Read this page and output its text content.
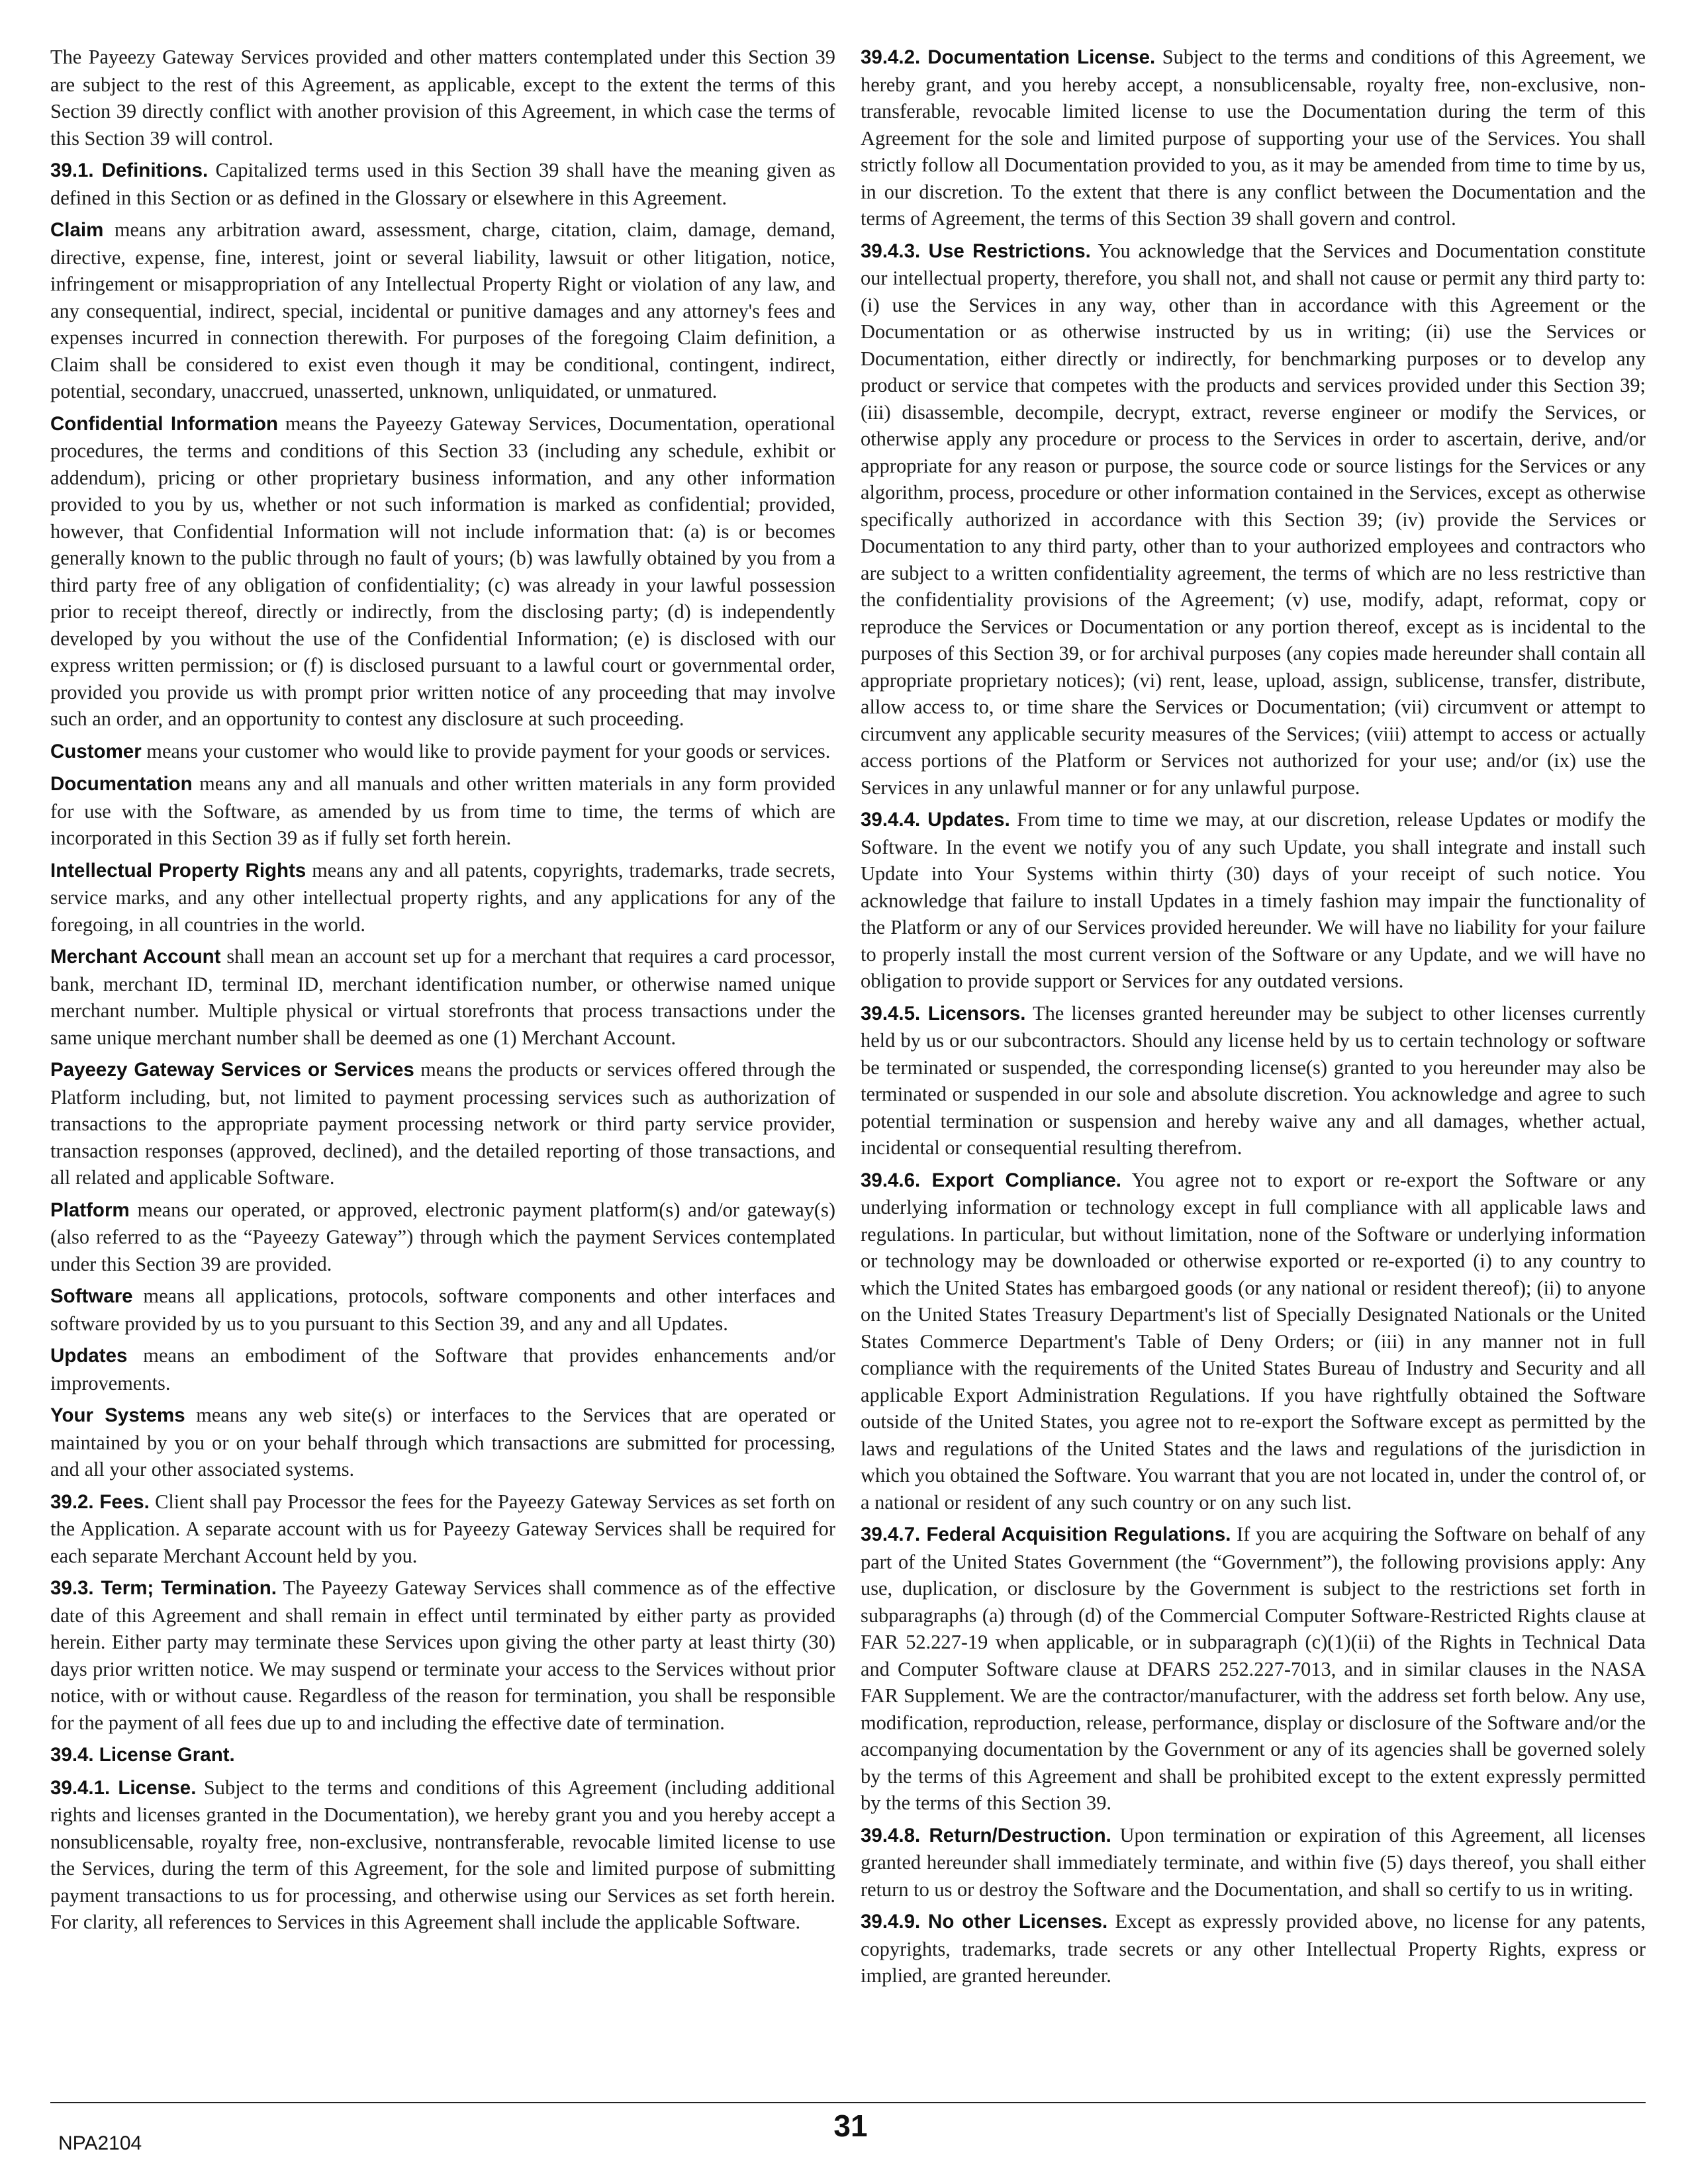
The Payeezy Gateway Services provided and other matters contemplated under this Section 39 are subject to the rest of this Agreement, as applicable, except to the extent the terms of this Section 39 directly conflict with another provision of this Agreement, in which case the terms of this Section 39 will control.

39.1. Definitions. Capitalized terms used in this Section 39 shall have the meaning given as defined in this Section or as defined in the Glossary or elsewhere in this Agreement.

Claim means any arbitration award, assessment, charge, citation, claim, damage, demand, directive, expense, fine, interest, joint or several liability, lawsuit or other litigation, notice, infringement or misappropriation of any Intellectual Property Right or violation of any law, and any consequential, indirect, special, incidental or punitive damages and any attorney's fees and expenses incurred in connection therewith. For purposes of the foregoing Claim definition, a Claim shall be considered to exist even though it may be conditional, contingent, indirect, potential, secondary, unaccrued, unasserted, unknown, unliquidated, or unmatured.

Confidential Information means the Payeezy Gateway Services, Documentation, operational procedures, the terms and conditions of this Section 33 (including any schedule, exhibit or addendum), pricing or other proprietary business information, and any other information provided to you by us, whether or not such information is marked as confidential; provided, however, that Confidential Information will not include information that: (a) is or becomes generally known to the public through no fault of yours; (b) was lawfully obtained by you from a third party free of any obligation of confidentiality; (c) was already in your lawful possession prior to receipt thereof, directly or indirectly, from the disclosing party; (d) is independently developed by you without the use of the Confidential Information; (e) is disclosed with our express written permission; or (f) is disclosed pursuant to a lawful court or governmental order, provided you provide us with prompt prior written notice of any proceeding that may involve such an order, and an opportunity to contest any disclosure at such proceeding.

Customer means your customer who would like to provide payment for your goods or services.

Documentation means any and all manuals and other written materials in any form provided for use with the Software, as amended by us from time to time, the terms of which are incorporated in this Section 39 as if fully set forth herein.

Intellectual Property Rights means any and all patents, copyrights, trademarks, trade secrets, service marks, and any other intellectual property rights, and any applications for any of the foregoing, in all countries in the world.

Merchant Account shall mean an account set up for a merchant that requires a card processor, bank, merchant ID, terminal ID, merchant identification number, or otherwise named unique merchant number. Multiple physical or virtual storefronts that process transactions under the same unique merchant number shall be deemed as one (1) Merchant Account.

Payeezy Gateway Services or Services means the products or services offered through the Platform including, but, not limited to payment processing services such as authorization of transactions to the appropriate payment processing network or third party service provider, transaction responses (approved, declined), and the detailed reporting of those transactions, and all related and applicable Software.

Platform means our operated, or approved, electronic payment platform(s) and/or gateway(s) (also referred to as the “Payeezy Gateway”) through which the payment Services contemplated under this Section 39 are provided.

Software means all applications, protocols, software components and other interfaces and software provided by us to you pursuant to this Section 39, and any and all Updates.

Updates means an embodiment of the Software that provides enhancements and/or improvements.

Your Systems means any web site(s) or interfaces to the Services that are operated or maintained by you or on your behalf through which transactions are submitted for processing, and all your other associated systems.

39.2. Fees. Client shall pay Processor the fees for the Payeezy Gateway Services as set forth on the Application. A separate account with us for Payeezy Gateway Services shall be required for each separate Merchant Account held by you.

39.3. Term; Termination. The Payeezy Gateway Services shall commence as of the effective date of this Agreement and shall remain in effect until terminated by either party as provided herein. Either party may terminate these Services upon giving the other party at least thirty (30) days prior written notice. We may suspend or terminate your access to the Services without prior notice, with or without cause. Regardless of the reason for termination, you shall be responsible for the payment of all fees due up to and including the effective date of termination.

39.4. License Grant.

39.4.1. License. Subject to the terms and conditions of this Agreement (including additional rights and licenses granted in the Documentation), we hereby grant you and you hereby accept a nonsublicensable, royalty free, non-exclusive, nontransferable, revocable limited license to use the Services, during the term of this Agreement, for the sole and limited purpose of submitting payment transactions to us for processing, and otherwise using our Services as set forth herein. For clarity, all references to Services in this Agreement shall include the applicable Software.

39.4.2. Documentation License. Subject to the terms and conditions of this Agreement, we hereby grant, and you hereby accept, a nonsublicensable, royalty free, non-exclusive, non-transferable, revocable limited license to use the Documentation during the term of this Agreement for the sole and limited purpose of supporting your use of the Services. You shall strictly follow all Documentation provided to you, as it may be amended from time to time by us, in our discretion. To the extent that there is any conflict between the Documentation and the terms of Agreement, the terms of this Section 39 shall govern and control.

39.4.3. Use Restrictions. You acknowledge that the Services and Documentation constitute our intellectual property, therefore, you shall not, and shall not cause or permit any third party to: (i) use the Services in any way, other than in accordance with this Agreement or the Documentation or as otherwise instructed by us in writing; (ii) use the Services or Documentation, either directly or indirectly, for benchmarking purposes or to develop any product or service that competes with the products and services provided under this Section 39; (iii) disassemble, decompile, decrypt, extract, reverse engineer or modify the Services, or otherwise apply any procedure or process to the Services in order to ascertain, derive, and/or appropriate for any reason or purpose, the source code or source listings for the Services or any algorithm, process, procedure or other information contained in the Services, except as otherwise specifically authorized in accordance with this Section 39; (iv) provide the Services or Documentation to any third party, other than to your authorized employees and contractors who are subject to a written confidentiality agreement, the terms of which are no less restrictive than the confidentiality provisions of the Agreement; (v) use, modify, adapt, reformat, copy or reproduce the Services or Documentation or any portion thereof, except as is incidental to the purposes of this Section 39, or for archival purposes (any copies made hereunder shall contain all appropriate proprietary notices); (vi) rent, lease, upload, assign, sublicense, transfer, distribute, allow access to, or time share the Services or Documentation; (vii) circumvent or attempt to circumvent any applicable security measures of the Services; (viii) attempt to access or actually access portions of the Platform or Services not authorized for your use; and/or (ix) use the Services in any unlawful manner or for any unlawful purpose.

39.4.4. Updates. From time to time we may, at our discretion, release Updates or modify the Software. In the event we notify you of any such Update, you shall integrate and install such Update into Your Systems within thirty (30) days of your receipt of such notice. You acknowledge that failure to install Updates in a timely fashion may impair the functionality of the Platform or any of our Services provided hereunder. We will have no liability for your failure to properly install the most current version of the Software or any Update, and we will have no obligation to provide support or Services for any outdated versions.

39.4.5. Licensors. The licenses granted hereunder may be subject to other licenses currently held by us or our subcontractors. Should any license held by us to certain technology or software be terminated or suspended, the corresponding license(s) granted to you hereunder may also be terminated or suspended in our sole and absolute discretion. You acknowledge and agree to such potential termination or suspension and hereby waive any and all damages, whether actual, incidental or consequential resulting therefrom.

39.4.6. Export Compliance. You agree not to export or re-export the Software or any underlying information or technology except in full compliance with all applicable laws and regulations. In particular, but without limitation, none of the Software or underlying information or technology may be downloaded or otherwise exported or re-exported (i) to any country to which the United States has embargoed goods (or any national or resident thereof); (ii) to anyone on the United States Treasury Department's list of Specially Designated Nationals or the United States Commerce Department's Table of Deny Orders; or (iii) in any manner not in full compliance with the requirements of the United States Bureau of Industry and Security and all applicable Export Administration Regulations. If you have rightfully obtained the Software outside of the United States, you agree not to re-export the Software except as permitted by the laws and regulations of the United States and the laws and regulations of the jurisdiction in which you obtained the Software. You warrant that you are not located in, under the control of, or a national or resident of any such country or on any such list.

39.4.7. Federal Acquisition Regulations. If you are acquiring the Software on behalf of any part of the United States Government (the “Government”), the following provisions apply: Any use, duplication, or disclosure by the Government is subject to the restrictions set forth in subparagraphs (a) through (d) of the Commercial Computer Software-Restricted Rights clause at FAR 52.227-19 when applicable, or in subparagraph (c)(1)(ii) of the Rights in Technical Data and Computer Software clause at DFARS 252.227-7013, and in similar clauses in the NASA FAR Supplement. We are the contractor/manufacturer, with the address set forth below. Any use, modification, reproduction, release, performance, display or disclosure of the Software and/or the accompanying documentation by the Government or any of its agencies shall be governed solely by the terms of this Agreement and shall be prohibited except to the extent expressly permitted by the terms of this Section 39.

39.4.8. Return/Destruction. Upon termination or expiration of this Agreement, all licenses granted hereunder shall immediately terminate, and within five (5) days thereof, you shall either return to us or destroy the Software and the Documentation, and shall so certify to us in writing.

39.4.9. No other Licenses. Except as expressly provided above, no license for any patents, copyrights, trademarks, trade secrets or any other Intellectual Property Rights, express or implied, are granted hereunder.

NPA2104
31
